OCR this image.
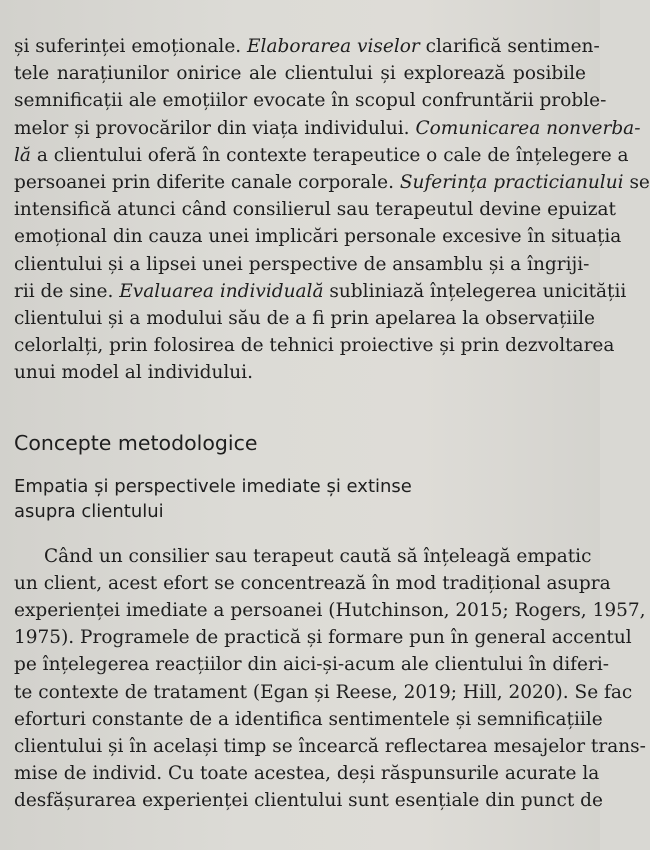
și suferinței emoționale. Elaborarea viselor clarifică sentimen-
tele narațiunilor onirice ale clientului și explorează posibile
semnificații ale emoțiilor evocate în scopul confruntării proble-
melor și provocărilor din viața individului. Comunicarea nonverba-
lă a clientului oferă în contexte terapeutice o cale de înțelegere a
persoanei prin diferite canale corporale. Suferința practicianului se
intensifică atunci când consilierul sau terapeutul devine epuizat
emoțional din cauza unei implicări personale excesive în situația
clientului și a lipsei unei perspective de ansamblu și a îngriji-
rii de sine. Evaluarea individuală subliniază înțelegerea unicității
clientului și a modului său de a fi prin apelarea la observațiile
celorlalți, prin folosirea de tehnici proiective și prin dezvoltarea
unui model al individului.

Concepte metodologice
Empatia și perspectivele imediate și extinse
asupra clientului

Când un consilier sau terapeut caută să înțeleagă empatic
un client, acest efort se concentrează în mod tradițional asupra
experienței imediate a persoanei (Hutchinson, 2015; Rogers, 1957,
1975). Programele de practică și formare pun în general accentul
pe înțelegerea reacțiilor din aici-și-acum ale clientului în diferi-
te contexte de tratament (Egan și Reese, 2019; Hill, 2020). Se fac
eforturi constante de a identifica sentimentele și semnificațiile
clientului și în același timp se încearcă reflectarea mesajelor trans-
mise de individ. Cu toate acestea, deși răspunsurile acurate la
desfășurarea experienței clientului sunt esențiale din punct de
